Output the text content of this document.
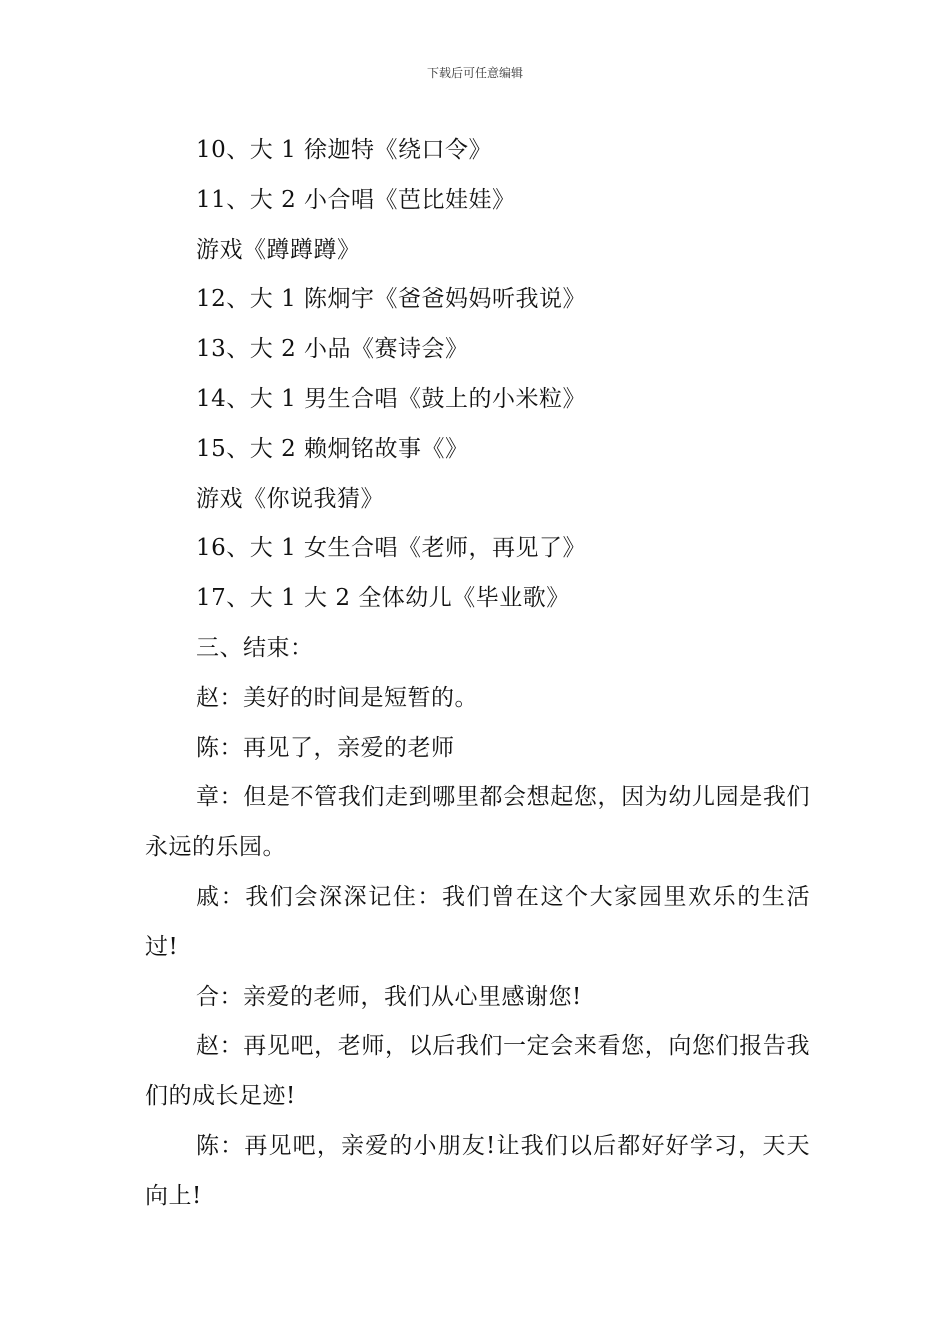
下载后可任意编辑

10、大 1 徐迦特《绕口令》

11、大 2 小合唱《芭比娃娃》

游戏《蹲蹲蹲》

12、大 1 陈炯宇《爸爸妈妈听我说》

13、大 2 小品《赛诗会》

14、大 1 男生合唱《鼓上的小米粒》

15、大 2 赖炯铭故事《》

游戏《你说我猜》

16、大 1 女生合唱《老师，再见了》

17、大 1 大 2 全体幼儿《毕业歌》

三、结束：

赵：美好的时间是短暂的。

陈：再见了，亲爱的老师

章：但是不管我们走到哪里都会想起您，因为幼儿园是我们永远的乐园。

戚：我们会深深记住：我们曾在这个大家园里欢乐的生活过!

合：亲爱的老师，我们从心里感谢您!

赵：再见吧，老师，以后我们一定会来看您，向您们报告我们的成长足迹!

陈：再见吧，亲爱的小朋友!让我们以后都好好学习，天天向上!
